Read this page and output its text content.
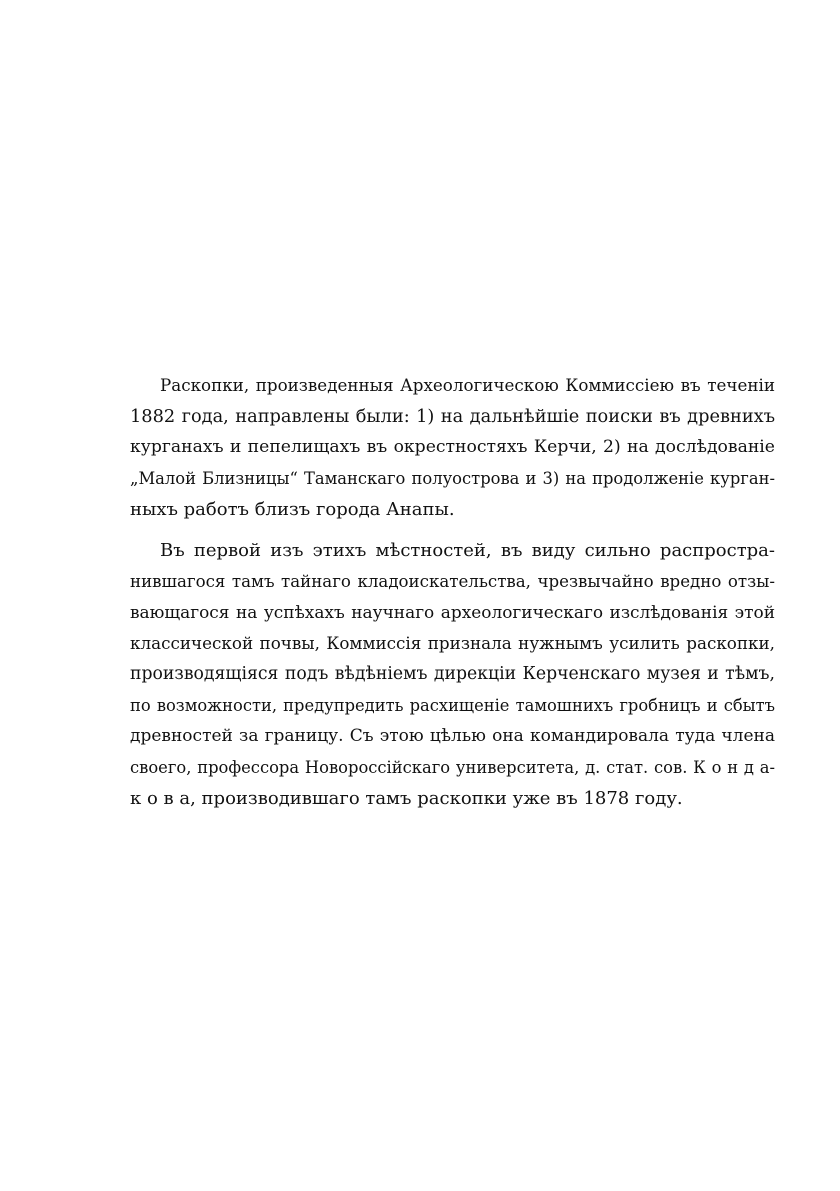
Раскопки, произведенныя Археологическою Коммиссiею въ теченiи
1882 года, направлены были: 1) на дальнѣйшiе поиски въ древнихъ
курганахъ и пепелищахъ въ окрестностяхъ Керчи, 2) на дослѣдованiе
„Малой Близницы“ Таманскаго полуострова и 3) на продолженiе курган-
ныхъ работъ близъ города Анапы.
Въ первой изъ этихъ мѣстностей, въ виду сильно распростра-
нившагося тамъ тайнаго кладоискательства, чрезвычайно вредно отзы-
вающагося на успѣхахъ научнаго археологическаго изслѣдованiя этой
классической почвы, Коммиссiя признала нужнымъ усилить раскопки,
производящiяся подъ вѣдѣнiемъ дирекцiи Керченскаго музея и тѣмъ,
по возможности, предупредить расхищенiе тамошнихъ гробницъ и сбытъ
древностей за границу. Съ этою цѣлью она командировала туда члена
своего, профессора Новороссiйскаго университета, д. стат. сов. К о н д а-
к о в а, производившаго тамъ раскопки уже въ 1878 году.
